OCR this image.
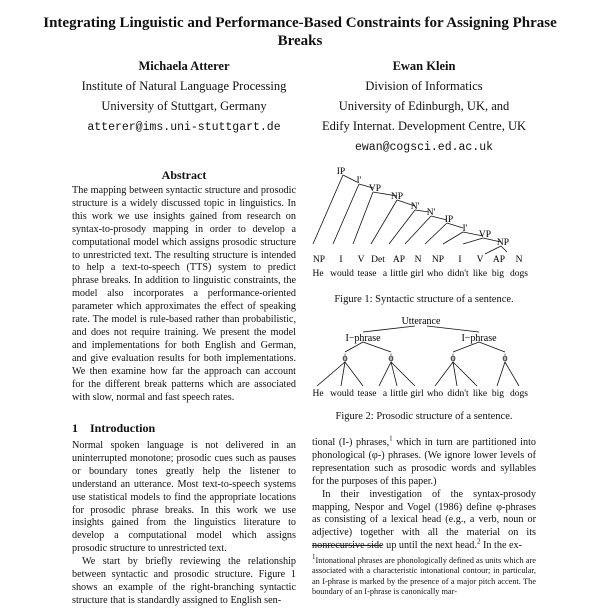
Integrating Linguistic and Performance-Based Constraints for Assigning Phrase Breaks
Michaela Atterer
Institute of Natural Language Processing
University of Stuttgart, Germany
atterer@ims.uni-stuttgart.de
Ewan Klein
Division of Informatics
University of Edinburgh, UK, and
Edify Internat. Development Centre, UK
ewan@cogsci.ed.ac.uk
Abstract

The mapping between syntactic structure and prosodic structure is a widely discussed topic in linguistics. In this work we use insights gained from research on syntax-to-prosody mapping in order to develop a computational model which assigns prosodic structure to unrestricted text. The resulting structure is intended to help a text-to-speech (TTS) system to predict phrase breaks. In addition to linguistic constraints, the model also incorporates a performance-oriented parameter which approximates the effect of speaking rate. The model is rule-based rather than probabilistic, and does not require training. We present the model and implementations for both English and German, and give evaluation results for both implementations. We then examine how far the approach can account for the different break patterns which are associated with slow, normal and fast speech rates.

1 Introduction

Normal spoken language is not delivered in an uninterrupted monotone; prosodic cues such as pauses or boundary tones greatly help the listener to understand an utterance. Most text-to-speech systems use statistical models to find the appropriate locations for prosodic phrase breaks. In this work we use insights gained from the linguistics literature to develop a computational model which assigns prosodic structure to unrestricted text.

We start by briefly reviewing the relationship between syntactic and prosodic structure. Figure 1 shows an example of the right-branching syntactic structure that is standardly assigned to English sen-

IP
I'
VP
NP
N'
N'
IP
I'
VP
NP
NP I V Det AP N NP I V AP N
He would tease a little girl who didn't like big dogs
Figure 1: Syntactic structure of a sentence.
Utterance
I−phrase	I−phrase
ϕ	ϕ	ϕ	ϕ
He would tease a little girl who didn't like big dogs
Figure 2: Prosodic structure of a sentence.

tional (I-) phrases,$^1$ which in turn are partitioned into phonological (φ-) phrases. (We ignore lower levels of representation such as prosodic words and syllables for the purposes of this paper.)

In their investigation of the syntax-prosody mapping, Nespor and Vogel (1986) define φ-phrases as consisting of a lexical head (e.g., a verb, noun or adjective) together with all the material on its nonrecursive side up until the next head.$^2$ In the ex-

$^1$Intonational phrases are phonologically defined as units which are associated with a characteristic intonational contour; in particular, an I-phrase is marked by the presence of a major pitch accent. The boundary of an I-phrase is canonically mar-
